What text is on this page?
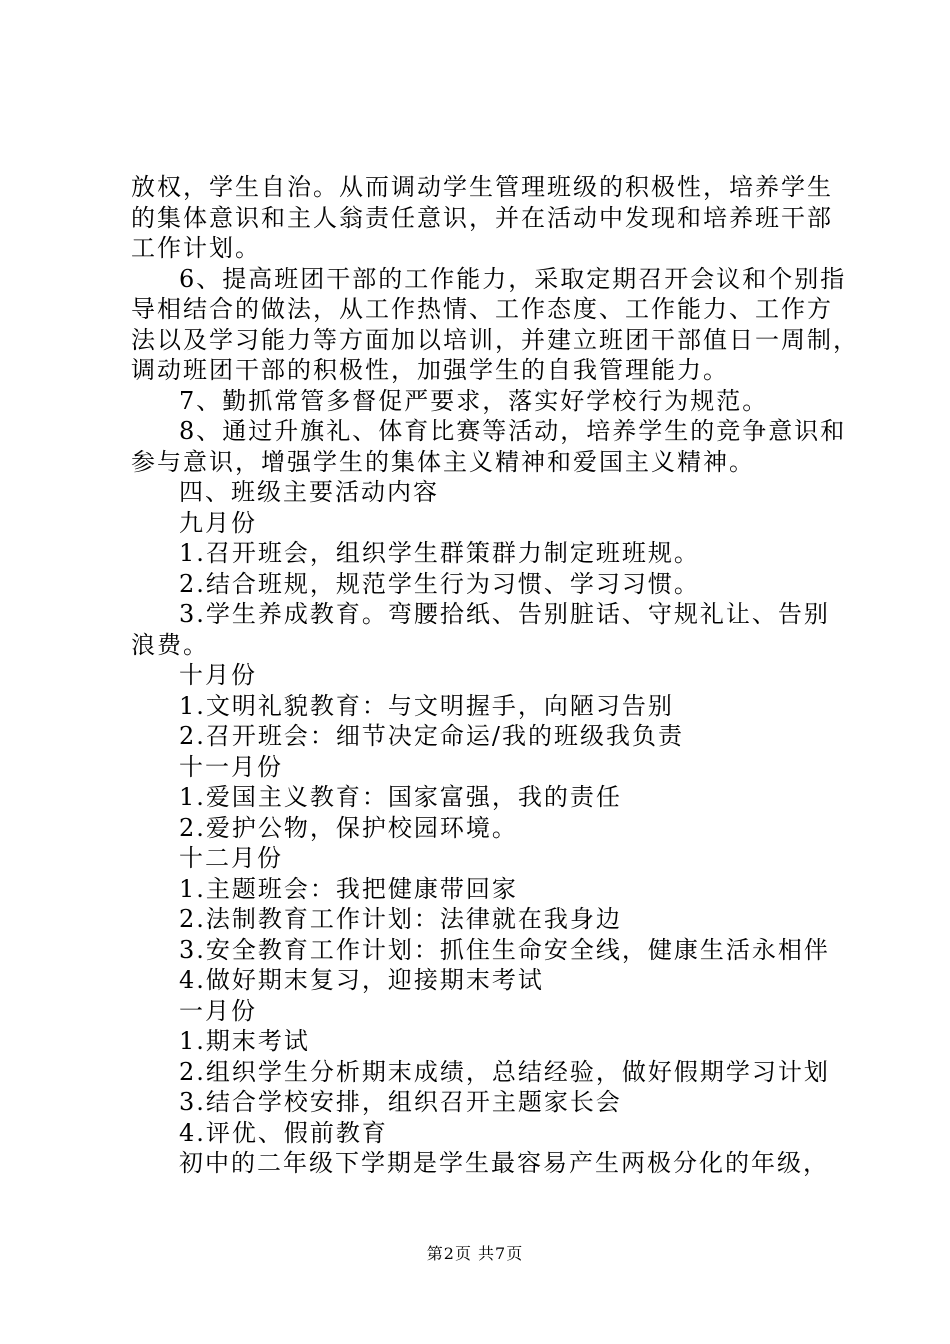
放权，学生自治。从而调动学生管理班级的积极性，培养学生
的集体意识和主人翁责任意识，并在活动中发现和培养班干部
工作计划。
6、提高班团干部的工作能力，采取定期召开会议和个别指
导相结合的做法，从工作热情、工作态度、工作能力、工作方
法以及学习能力等方面加以培训，并建立班团干部值日一周制，
调动班团干部的积极性，加强学生的自我管理能力。
7、勤抓常管多督促严要求，落实好学校行为规范。
8、通过升旗礼、体育比赛等活动，培养学生的竞争意识和
参与意识，增强学生的集体主义精神和爱国主义精神。
四、班级主要活动内容
九月份
1.召开班会，组织学生群策群力制定班班规。
2.结合班规，规范学生行为习惯、学习习惯。
3.学生养成教育。弯腰拾纸、告别脏话、守规礼让、告别
浪费。
十月份
1.文明礼貌教育：与文明握手，向陋习告别
2.召开班会：细节决定命运/我的班级我负责
十一月份
1.爱国主义教育：国家富强，我的责任
2.爱护公物，保护校园环境。
十二月份
1.主题班会：我把健康带回家
2.法制教育工作计划：法律就在我身边
3.安全教育工作计划：抓住生命安全线，健康生活永相伴
4.做好期末复习，迎接期末考试
一月份
1.期末考试
2.组织学生分析期末成绩，总结经验，做好假期学习计划
3.结合学校安排，组织召开主题家长会
4.评优、假前教育
初中的二年级下学期是学生最容易产生两极分化的年级，
第2页 共7页
